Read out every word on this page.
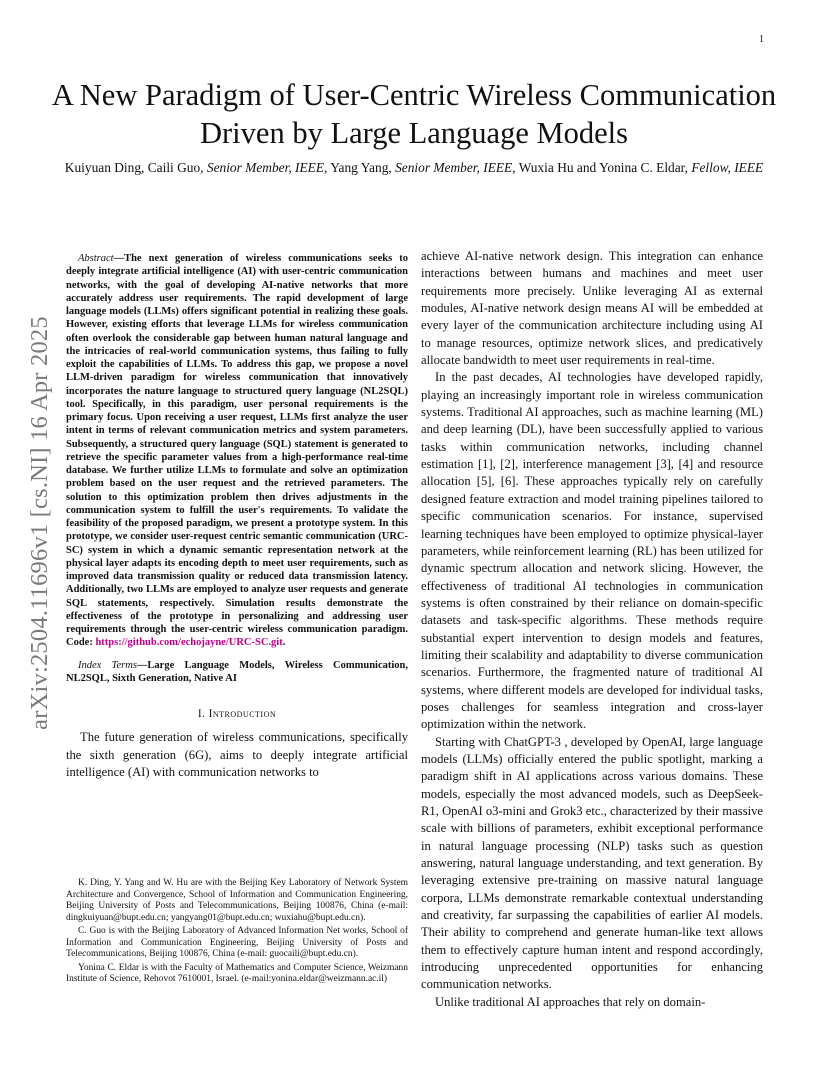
1
A New Paradigm of User-Centric Wireless Communication Driven by Large Language Models
Kuiyuan Ding, Caili Guo, Senior Member, IEEE, Yang Yang, Senior Member, IEEE, Wuxia Hu and Yonina C. Eldar, Fellow, IEEE
arXiv:2504.11696v1 [cs.NI] 16 Apr 2025

Abstract—The next generation of wireless communications seeks to deeply integrate artificial intelligence (AI) with user-centric communication networks, with the goal of developing AI-native networks that more accurately address user requirements. The rapid development of large language models (LLMs) offers significant potential in realizing these goals. However, existing efforts that leverage LLMs for wireless communication often overlook the considerable gap between human natural language and the intricacies of real-world communication systems, thus failing to fully exploit the capabilities of LLMs. To address this gap, we propose a novel LLM-driven paradigm for wireless communication that innovatively incorporates the nature language to structured query language (NL2SQL) tool. Specifically, in this paradigm, user personal requirements is the primary focus. Upon receiving a user request, LLMs first analyze the user intent in terms of relevant communication metrics and system parameters. Subsequently, a structured query language (SQL) statement is generated to retrieve the specific parameter values from a high-performance real-time database. We further utilize LLMs to formulate and solve an optimization problem based on the user request and the retrieved parameters. The solution to this optimization problem then drives adjustments in the communication system to fulfill the user's requirements. To validate the feasibility of the proposed paradigm, we present a prototype system. In this prototype, we consider user-request centric semantic communication (URC-SC) system in which a dynamic semantic representation network at the physical layer adapts its encoding depth to meet user requirements, such as improved data transmission quality or reduced data transmission latency. Additionally, two LLMs are employed to analyze user requests and generate SQL statements, respectively. Simulation results demonstrate the effectiveness of the prototype in personalizing and addressing user requirements through the user-centric wireless communication paradigm. Code: https://github.com/echojayne/URC-SC.git.

Index Terms—Large Language Models, Wireless Communication, NL2SQL, Sixth Generation, Native AI

I. Introduction

The future generation of wireless communications, specifically the sixth generation (6G), aims to deeply integrate artificial intelligence (AI) with communication networks to

K. Ding, Y. Yang and W. Hu are with the Beijing Key Laboratory of Network System Architecture and Convergence, School of Information and Communication Engineering, Beijing University of Posts and Telecommunications, Beijing 100876, China (e-mail: dingkuiyuan@bupt.edu.cn; yangyang01@bupt.edu.cn; wuxiahu@bupt.edu.cn).

C. Guo is with the Beijing Laboratory of Advanced Information Net works, School of Information and Communication Engineering, Beijing University of Posts and Telecommunications, Beijing 100876, China (e-mail: guocaili@bupt.edu.cn).

Yonina C. Eldar is with the Faculty of Mathematics and Computer Science, Weizmann Institute of Science, Rehovot 7610001, Israel. (e-mail:yonina.eldar@weizmann.ac.il)

achieve AI-native network design. This integration can enhance interactions between humans and machines and meet user requirements more precisely. Unlike leveraging AI as external modules, AI-native network design means AI will be embedded at every layer of the communication architecture including using AI to manage resources, optimize network slices, and predicatively allocate bandwidth to meet user requirements in real-time.

In the past decades, AI technologies have developed rapidly, playing an increasingly important role in wireless communication systems. Traditional AI approaches, such as machine learning (ML) and deep learning (DL), have been successfully applied to various tasks within communication networks, including channel estimation [1], [2], interference management [3], [4] and resource allocation [5], [6]. These approaches typically rely on carefully designed feature extraction and model training pipelines tailored to specific communication scenarios. For instance, supervised learning techniques have been employed to optimize physical-layer parameters, while reinforcement learning (RL) has been utilized for dynamic spectrum allocation and network slicing. However, the effectiveness of traditional AI technologies in communication systems is often constrained by their reliance on domain-specific datasets and task-specific algorithms. These methods require substantial expert intervention to design models and features, limiting their scalability and adaptability to diverse communication scenarios. Furthermore, the fragmented nature of traditional AI systems, where different models are developed for individual tasks, poses challenges for seamless integration and cross-layer optimization within the network.

Starting with ChatGPT-3 , developed by OpenAI, large language models (LLMs) officially entered the public spotlight, marking a paradigm shift in AI applications across various domains. These models, especially the most advanced models, such as DeepSeek-R1, OpenAI o3-mini and Grok3 etc., characterized by their massive scale with billions of parameters, exhibit exceptional performance in natural language processing (NLP) tasks such as question answering, natural language understanding, and text generation. By leveraging extensive pre-training on massive natural language corpora, LLMs demonstrate remarkable contextual understanding and creativity, far surpassing the capabilities of earlier AI models. Their ability to comprehend and generate human-like text allows them to effectively capture human intent and respond accordingly, introducing unprecedented opportunities for enhancing communication networks.

Unlike traditional AI approaches that rely on domain-
